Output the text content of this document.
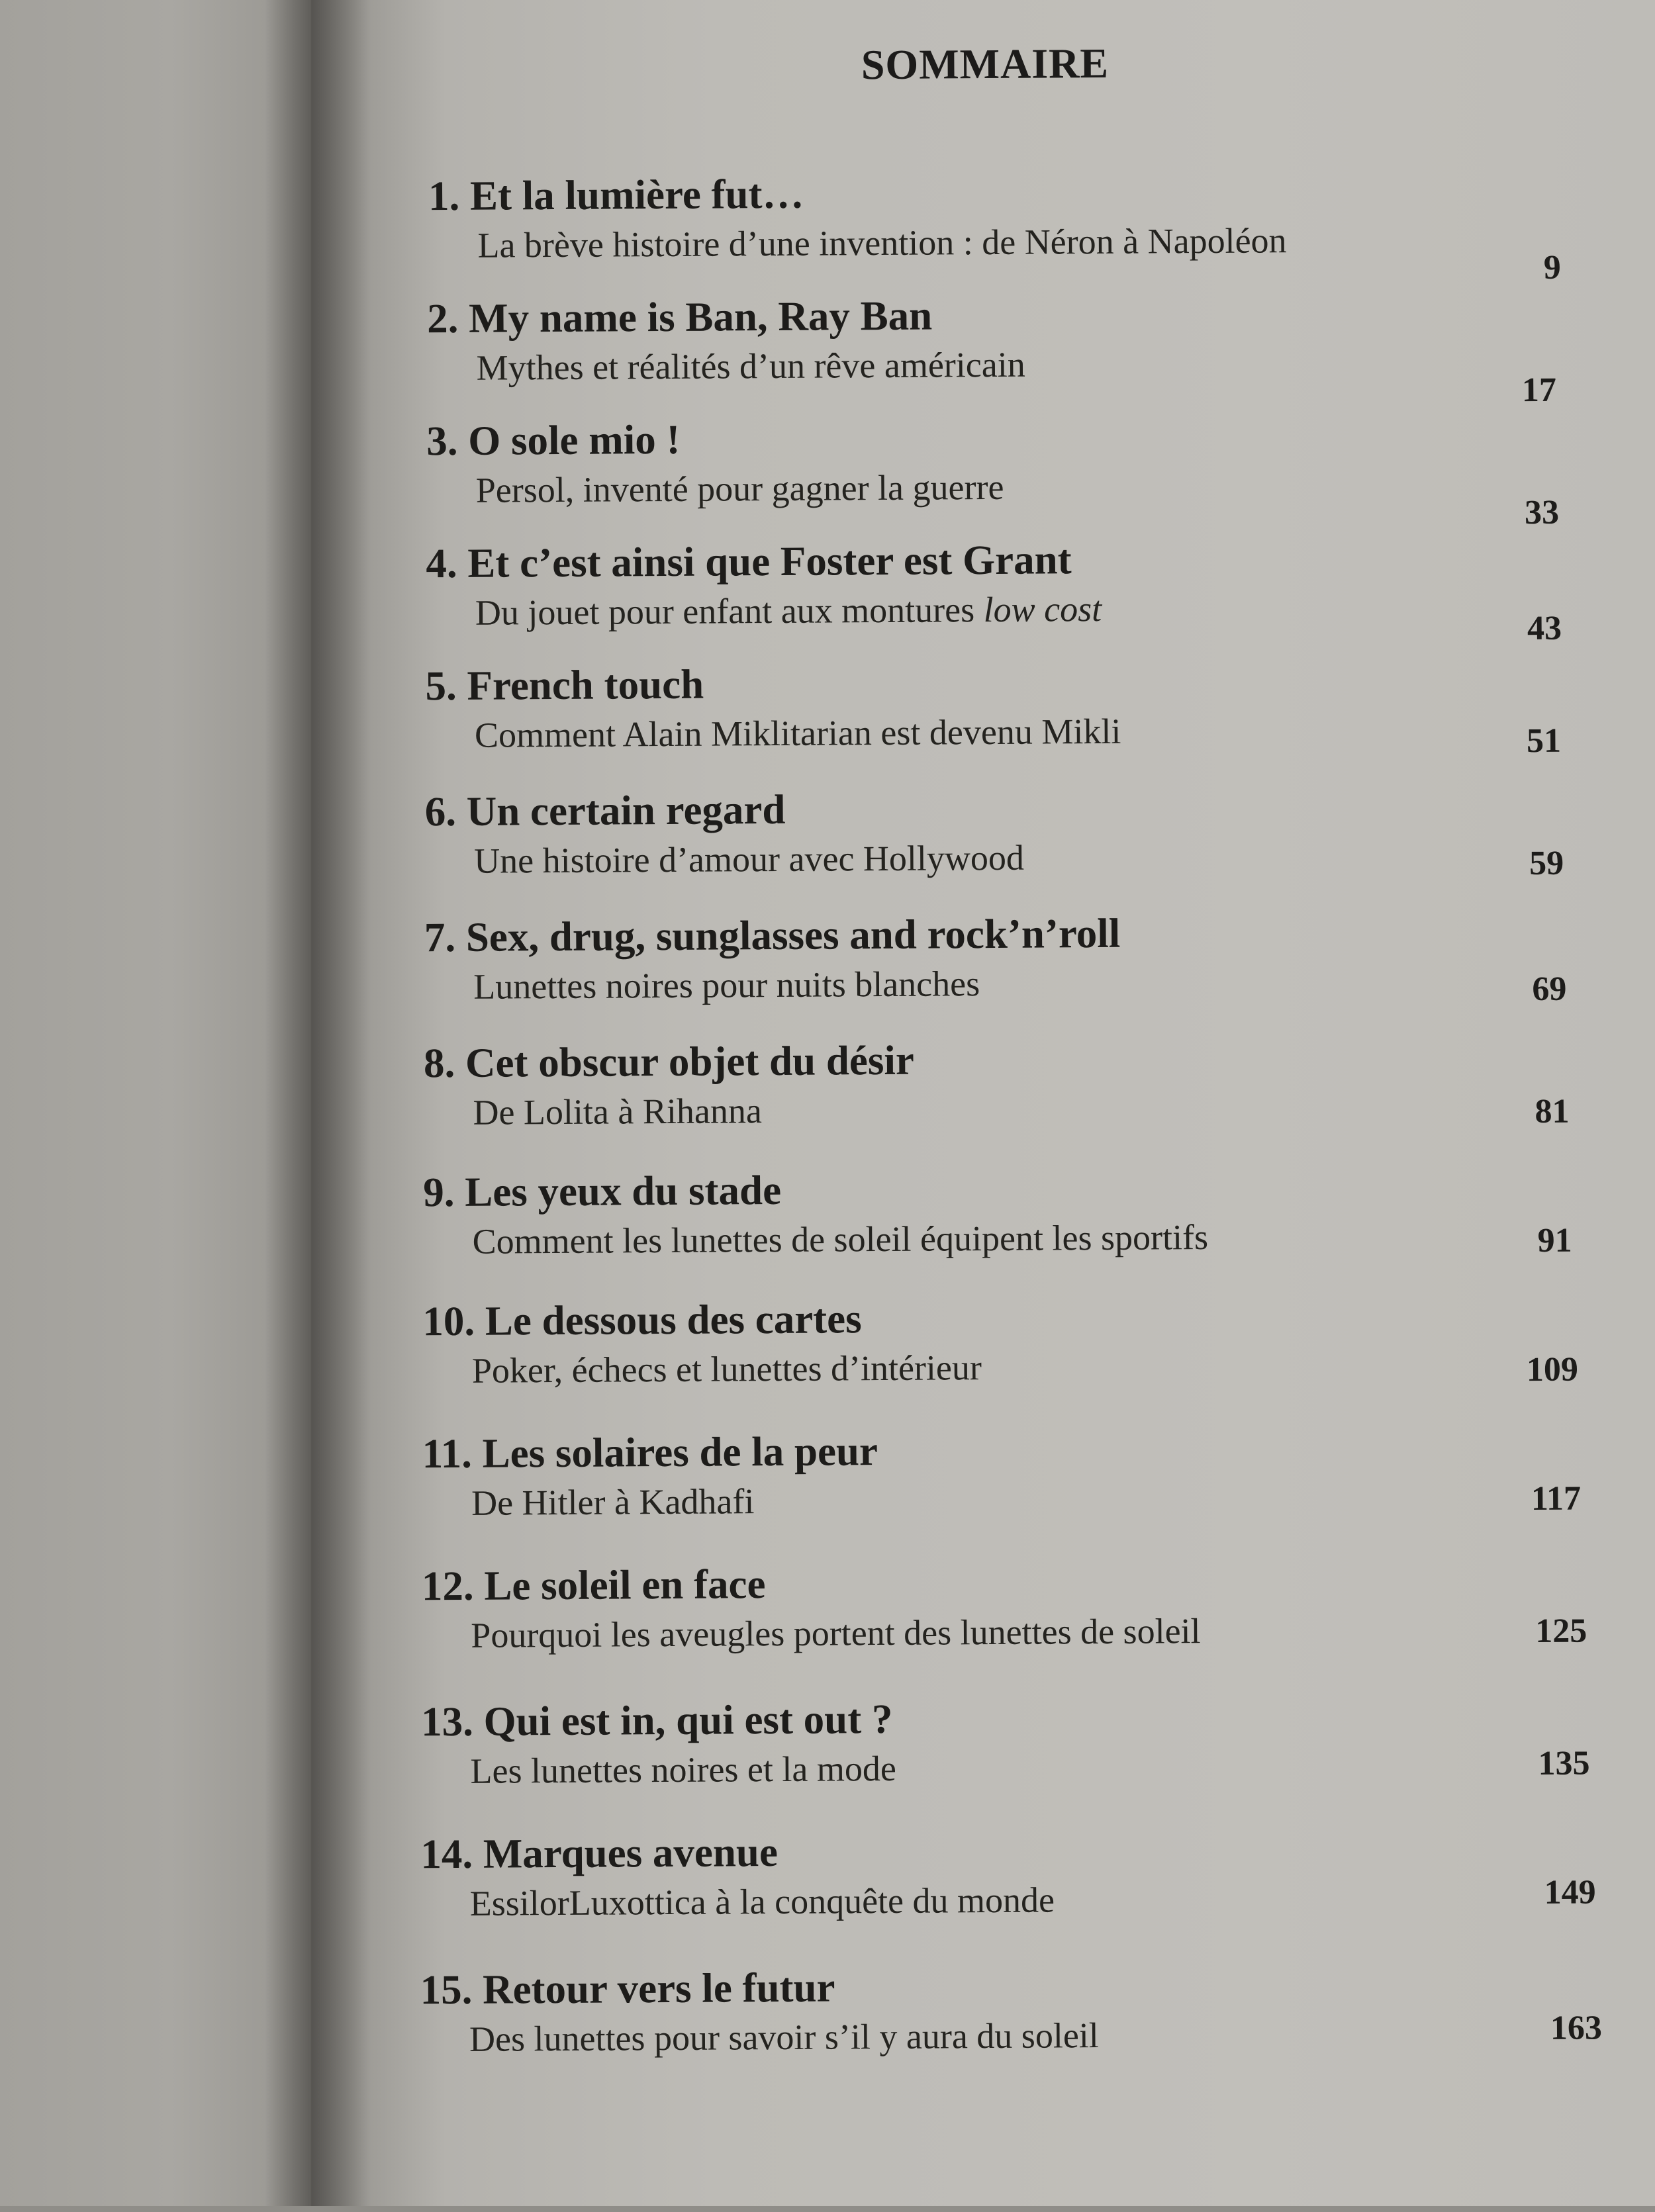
SOMMAIRE
1. Et la lumière fut…
La brève histoire d’une invention : de Néron à Napoléon
9
2. My name is Ban, Ray Ban
Mythes et réalités d’un rêve américain
17
3. O sole mio !
Persol, inventé pour gagner la guerre
33
4. Et c’est ainsi que Foster est Grant
Du jouet pour enfant aux montures low cost	43
5. French touch
Comment Alain Miklitarian est devenu Mikli	51
6. Un certain regard
Une histoire d’amour avec Hollywood	59
7. Sex, drug, sunglasses and rock’n’roll
Lunettes noires pour nuits blanches	69
8. Cet obscur objet du désir
De Lolita à Rihanna	81
9. Les yeux du stade
Comment les lunettes de soleil équipent les sportifs	91
10. Le dessous des cartes
Poker, échecs et lunettes d’intérieur	109
11. Les solaires de la peur
De Hitler à Kadhafi	117
12. Le soleil en face
Pourquoi les aveugles portent des lunettes de soleil	125
13. Qui est in, qui est out ?
Les lunettes noires et la mode	135
14. Marques avenue
EssilorLuxottica à la conquête du monde	149
15. Retour vers le futur
Des lunettes pour savoir s’il y aura du soleil	163
